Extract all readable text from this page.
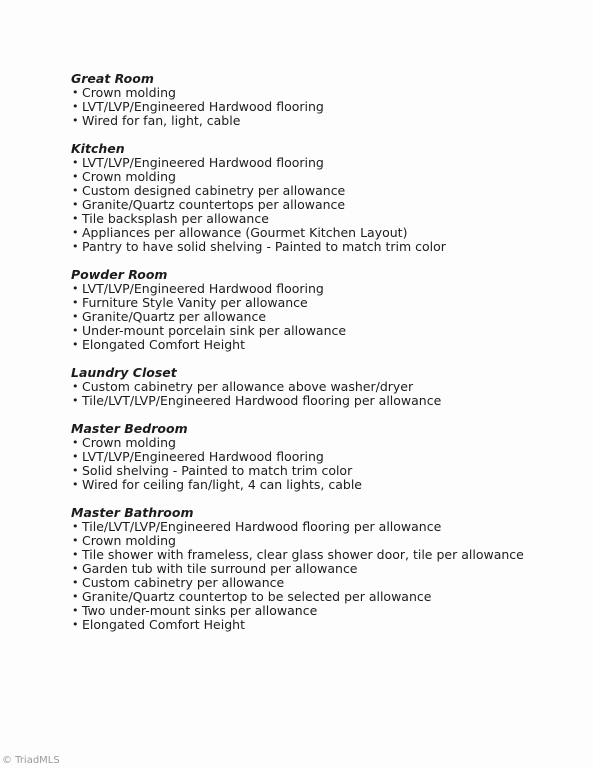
Great Room
• Crown molding
• LVT/LVP/Engineered Hardwood flooring
• Wired for fan, light, cable
Kitchen
• LVT/LVP/Engineered Hardwood flooring
• Crown molding
• Custom designed cabinetry per allowance
• Granite/Quartz countertops per allowance
• Tile backsplash per allowance
• Appliances per allowance (Gourmet Kitchen Layout)
• Pantry to have solid shelving - Painted to match trim color
Powder Room
• LVT/LVP/Engineered Hardwood flooring
• Furniture Style Vanity per allowance
• Granite/Quartz per allowance
• Under-mount porcelain sink per allowance
• Elongated Comfort Height
Laundry Closet
• Custom cabinetry per allowance above washer/dryer
• Tile/LVT/LVP/Engineered Hardwood flooring per allowance
Master Bedroom
• Crown molding
• LVT/LVP/Engineered Hardwood flooring
• Solid shelving - Painted to match trim color
• Wired for ceiling fan/light, 4 can lights, cable
Master Bathroom
• Tile/LVT/LVP/Engineered Hardwood flooring per allowance
• Crown molding
• Tile shower with frameless, clear glass shower door, tile per allowance
• Garden tub with tile surround per allowance
• Custom cabinetry per allowance
• Granite/Quartz countertop to be selected per allowance
• Two under-mount sinks per allowance
• Elongated Comfort Height
© TriadMLS
